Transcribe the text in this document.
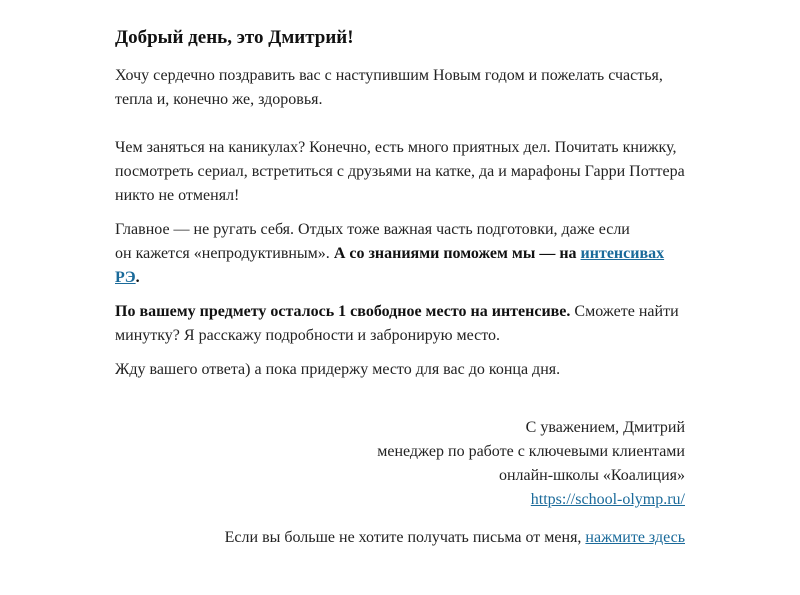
Добрый день, это Дмитрий!

Хочу сердечно поздравить вас с наступившим Новым годом и пожелать счастья, тепла и, конечно же, здоровья.

Чем заняться на каникулах? Конечно, есть много приятных дел. Почитать книжку, посмотреть сериал, встретиться с друзьями на катке, да и марафоны Гарри Поттера никто не отменял!

Главное — не ругать себя. Отдых тоже важная часть подготовки, даже если
он кажется «непродуктивным». А со знаниями поможем мы — на интенсивах РЭ.

По вашему предмету осталось 1 свободное место на интенсиве. Сможете найти минутку? Я расскажу подробности и забронирую место.

Жду вашего ответа) а пока придержу место для вас до конца дня.

С уважением, Дмитрий
менеджер по работе с ключевыми клиентами
онлайн-школы «Коалиция»
https://school-olymp.ru/
Если вы больше не хотите получать письма от меня, нажмите здесь
